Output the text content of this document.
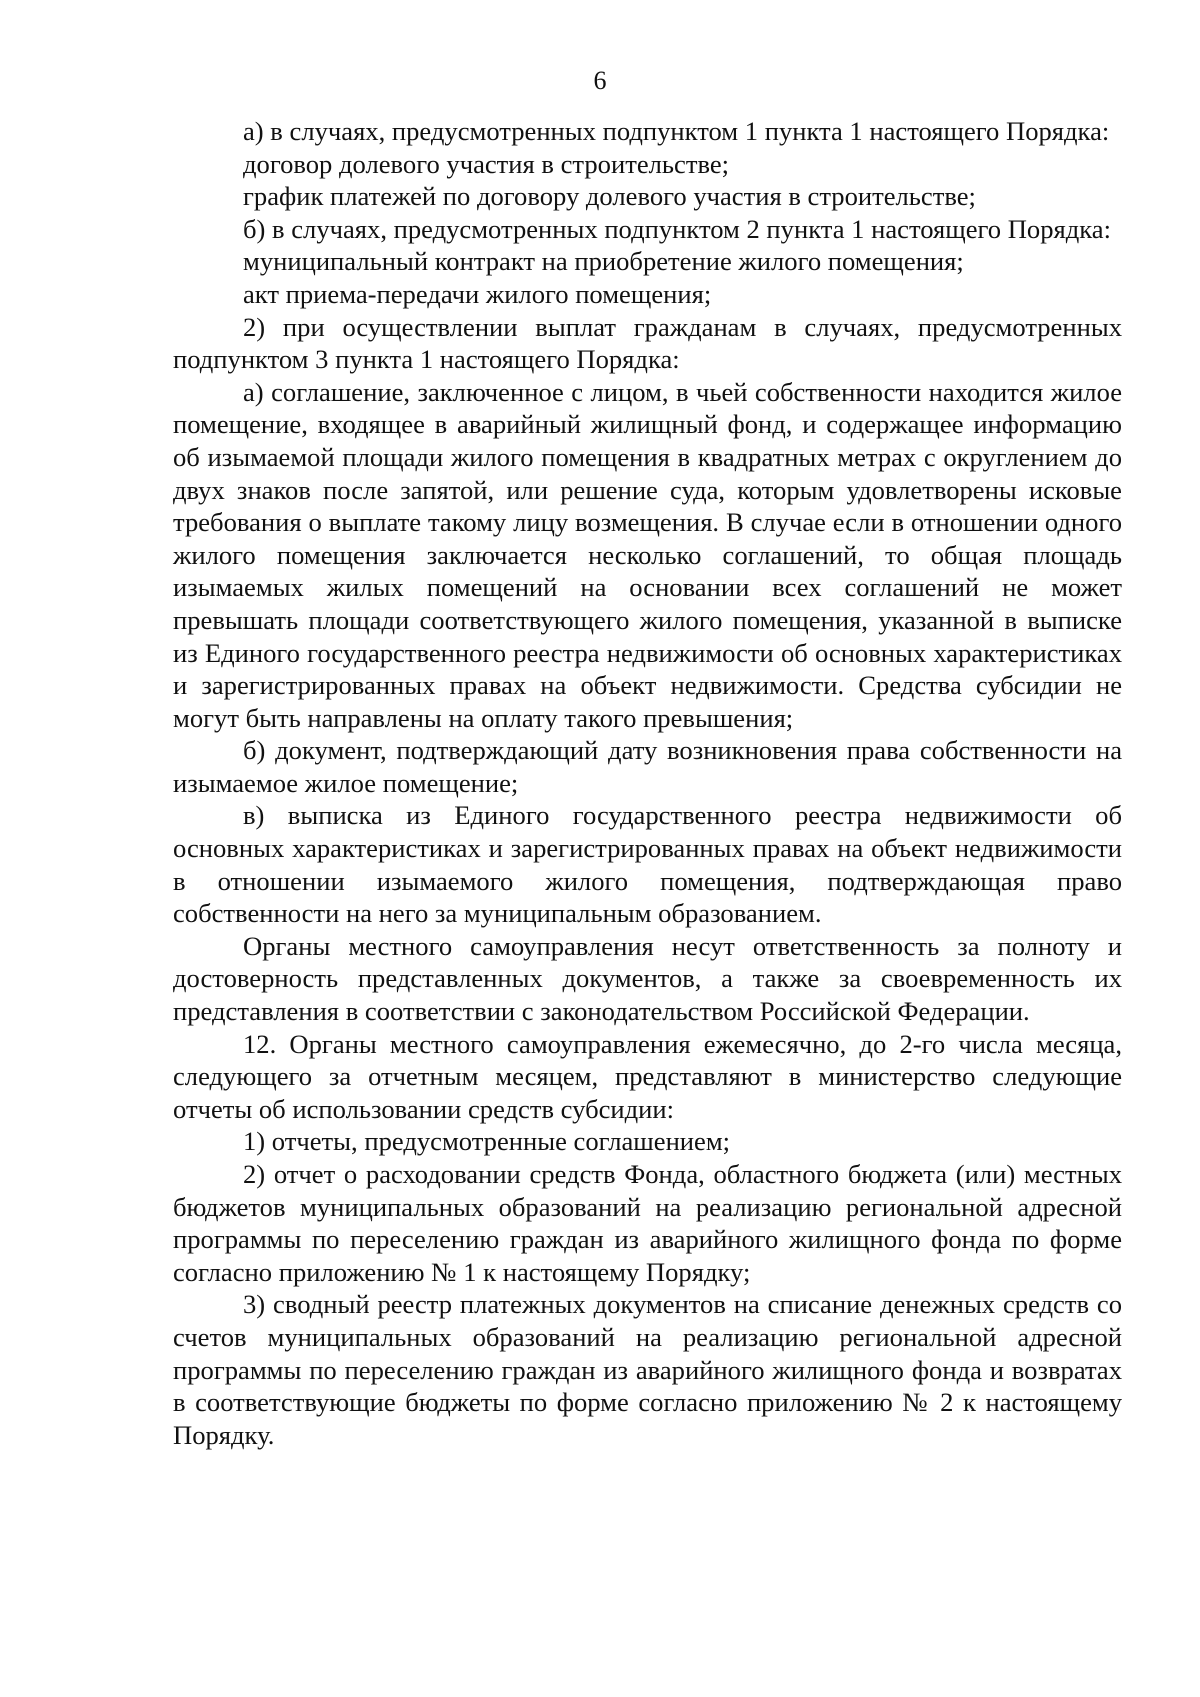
6

а) в случаях, предусмотренных подпунктом 1 пункта 1 настоящего Порядка:

договор долевого участия в строительстве;

график платежей по договору долевого участия в строительстве;

б) в случаях, предусмотренных подпунктом 2 пункта 1 настоящего Порядка:

муниципальный контракт на приобретение жилого помещения;

акт приема-передачи жилого помещения;

2) при осуществлении выплат гражданам в случаях, предусмотренных подпунктом 3 пункта 1 настоящего Порядка:

а) соглашение, заключенное с лицом, в чьей собственности находится жилое помещение, входящее в аварийный жилищный фонд, и содержащее информацию об изымаемой площади жилого помещения в квадратных метрах с округлением до двух знаков после запятой, или решение суда, которым удовлетворены исковые требования о выплате такому лицу возмещения. В случае если в отношении одного жилого помещения заключается несколько соглашений, то общая площадь изымаемых жилых помещений на основании всех соглашений не может превышать площади соответствующего жилого помещения, указанной в выписке из Единого государственного реестра недвижимости об основных характеристиках и зарегистрированных правах на объект недвижимости. Средства субсидии не могут быть направлены на оплату такого превышения;

б) документ, подтверждающий дату возникновения права собственности на изымаемое жилое помещение;

в) выписка из Единого государственного реестра недвижимости об основных характеристиках и зарегистрированных правах на объект недвижимости в отношении изымаемого жилого помещения, подтверждающая право собственности на него за муниципальным образованием.

Органы местного самоуправления несут ответственность за полноту и достоверность представленных документов, а также за своевременность их представления в соответствии с законодательством Российской Федерации.

12. Органы местного самоуправления ежемесячно, до 2-го числа месяца, следующего за отчетным месяцем, представляют в министерство следующие отчеты об использовании средств субсидии:

1) отчеты, предусмотренные соглашением;

2) отчет о расходовании средств Фонда, областного бюджета (или) местных бюджетов муниципальных образований на реализацию региональной адресной программы по переселению граждан из аварийного жилищного фонда по форме согласно приложению № 1 к настоящему Порядку;

3) сводный реестр платежных документов на списание денежных средств со счетов муниципальных образований на реализацию региональной адресной программы по переселению граждан из аварийного жилищного фонда и возвратах в соответствующие бюджеты по форме согласно приложению № 2 к настоящему Порядку.
